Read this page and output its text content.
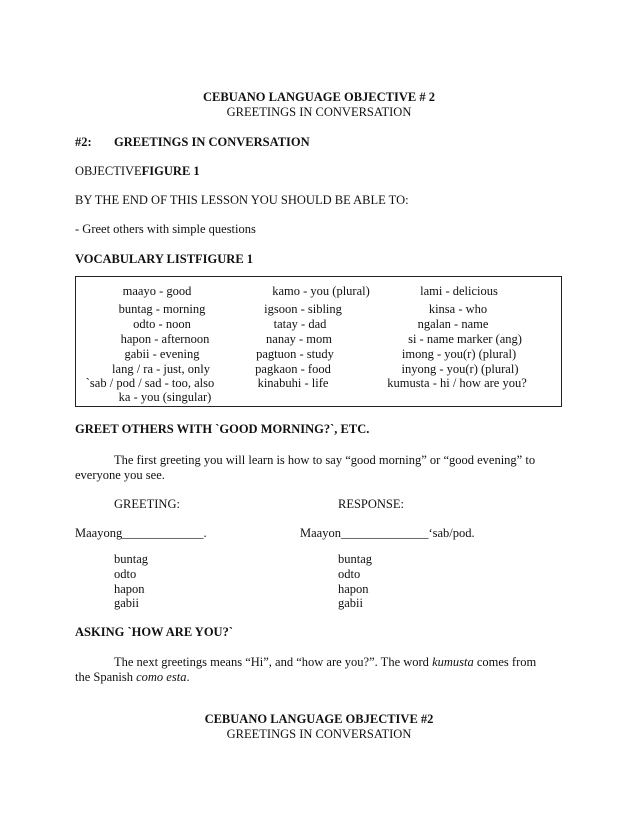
CEBUANO LANGUAGE OBJECTIVE # 2
GREETINGS IN CONVERSATION
#2: GREETINGS IN CONVERSATION
OBJECTIVEFIGURE 1
BY THE END OF THIS LESSON YOU SHOULD BE ABLE TO:
- Greet others with simple questions
VOCABULARY LISTFIGURE 1
maayo - good
buntag - morning
odto - noon
hapon - afternoon
gabii - evening
lang / ra - just, only
`sab / pod / sad - too, also
ka - you (singular)
kamo - you (plural)
igsoon - sibling
tatay - dad
nanay - mom
pagtuon - study
pagkaon - food
kinabuhi - life
lami - delicious
kinsa - who
ngalan - name
si - name marker (ang)
imong - you(r) (plural)
inyong - you(r) (plural)
kumusta - hi / how are you?
GREET OTHERS WITH `GOOD MORNING?`, ETC.
The first greeting you will learn is how to say “good morning” or “good evening” to
everyone you see.
GREETING:	RESPONSE:
Maayong_____________.	Maayon______________‘sab/pod.
buntag
odto
hapon
gabii
buntag
odto
hapon
gabii
ASKING `HOW ARE YOU?`
The next greetings means “Hi”, and “how are you?”. The word kumusta comes from
the Spanish como esta.
CEBUANO LANGUAGE OBJECTIVE #2
GREETINGS IN CONVERSATION
